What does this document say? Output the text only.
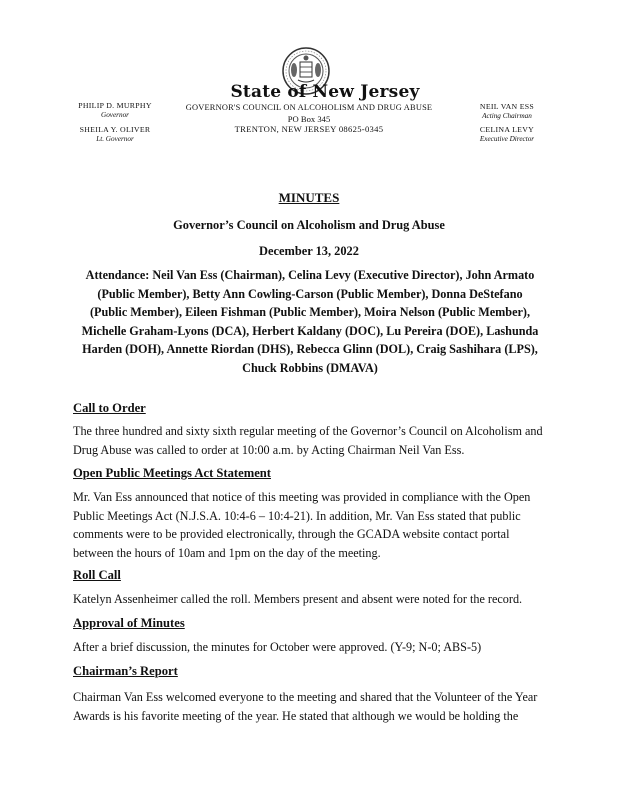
State of New Jersey
GOVERNOR'S COUNCIL ON ALCOHOLISM AND DRUG ABUSE
PO Box 345
TRENTON, NEW JERSEY 08625-0345
PHILIP D. MURPHY
Governor
SHEILA Y. OLIVER
Lt. Governor
NEIL VAN ESS
Acting Chairman
CELINA LEVY
Executive Director
MINUTES
Governor’s Council on Alcoholism and Drug Abuse
December 13, 2022
Attendance: Neil Van Ess (Chairman), Celina Levy (Executive Director), John Armato (Public Member), Betty Ann Cowling-Carson (Public Member), Donna DeStefano (Public Member), Eileen Fishman (Public Member), Moira Nelson (Public Member), Michelle Graham-Lyons (DCA), Herbert Kaldany (DOC), Lu Pereira (DOE), Lashunda Harden (DOH), Annette Riordan (DHS), Rebecca Glinn (DOL), Craig Sashihara (LPS), Chuck Robbins (DMAVA)
Call to Order
The three hundred and sixty sixth regular meeting of the Governor’s Council on Alcoholism and Drug Abuse was called to order at 10:00 a.m. by Acting Chairman Neil Van Ess.
Open Public Meetings Act Statement
Mr. Van Ess announced that notice of this meeting was provided in compliance with the Open Public Meetings Act (N.J.S.A. 10:4-6 – 10:4-21). In addition, Mr. Van Ess stated that public comments were to be provided electronically, through the GCADA website contact portal between the hours of 10am and 1pm on the day of the meeting.
Roll Call
Katelyn Assenheimer called the roll. Members present and absent were noted for the record.
Approval of Minutes
After a brief discussion, the minutes for October were approved. (Y-9; N-0; ABS-5)
Chairman’s Report
Chairman Van Ess welcomed everyone to the meeting and shared that the Volunteer of the Year Awards is his favorite meeting of the year. He stated that although we would be holding the
